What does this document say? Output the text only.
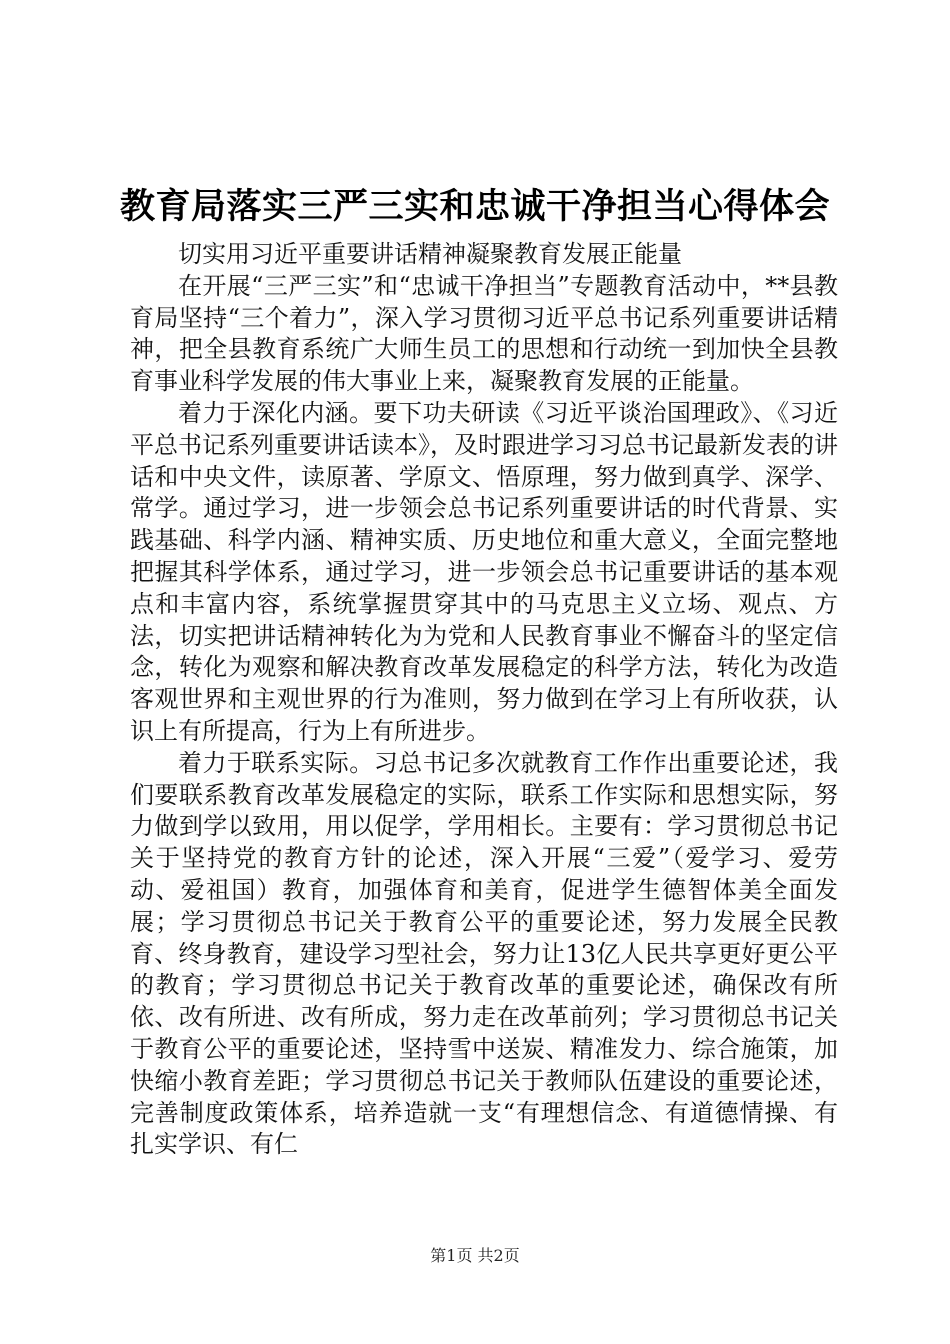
教育局落实三严三实和忠诚干净担当心得体会

切实用习近平重要讲话精神凝聚教育发展正能量

在开展“三严三实”和“忠诚干净担当”专题教育活动中，**县教育局坚持“三个着力”，深入学习贯彻习近平总书记系列重要讲话精神，把全县教育系统广大师生员工的思想和行动统一到加快全县教育事业科学发展的伟大事业上来，凝聚教育发展的正能量。

着力于深化内涵。要下功夫研读《习近平谈治国理政》、《习近平总书记系列重要讲话读本》，及时跟进学习习总书记最新发表的讲话和中央文件，读原著、学原文、悟原理，努力做到真学、深学、常学。通过学习，进一步领会总书记系列重要讲话的时代背景、实践基础、科学内涵、精神实质、历史地位和重大意义，全面完整地把握其科学体系，通过学习，进一步领会总书记重要讲话的基本观点和丰富内容，系统掌握贯穿其中的马克思主义立场、观点、方法，切实把讲话精神转化为为党和人民教育事业不懈奋斗的坚定信念，转化为观察和解决教育改革发展稳定的科学方法，转化为改造客观世界和主观世界的行为准则，努力做到在学习上有所收获，认识上有所提高，行为上有所进步。

着力于联系实际。习总书记多次就教育工作作出重要论述，我们要联系教育改革发展稳定的实际，联系工作实际和思想实际，努力做到学以致用，用以促学，学用相长。主要有：学习贯彻总书记关于坚持党的教育方针的论述，深入开展“三爱”（爱学习、爱劳动、爱祖国）教育，加强体育和美育，促进学生德智体美全面发展；学习贯彻总书记关于教育公平的重要论述，努力发展全民教育、终身教育，建设学习型社会，努力让13亿人民共享更好更公平的教育；学习贯彻总书记关于教育改革的重要论述，确保改有所依、改有所进、改有所成，努力走在改革前列；学习贯彻总书记关于教育公平的重要论述，坚持雪中送炭、精准发力、综合施策，加快缩小教育差距；学习贯彻总书记关于教师队伍建设的重要论述，完善制度政策体系，培养造就一支“有理想信念、有道德情操、有扎实学识、有仁

第1页 共2页
